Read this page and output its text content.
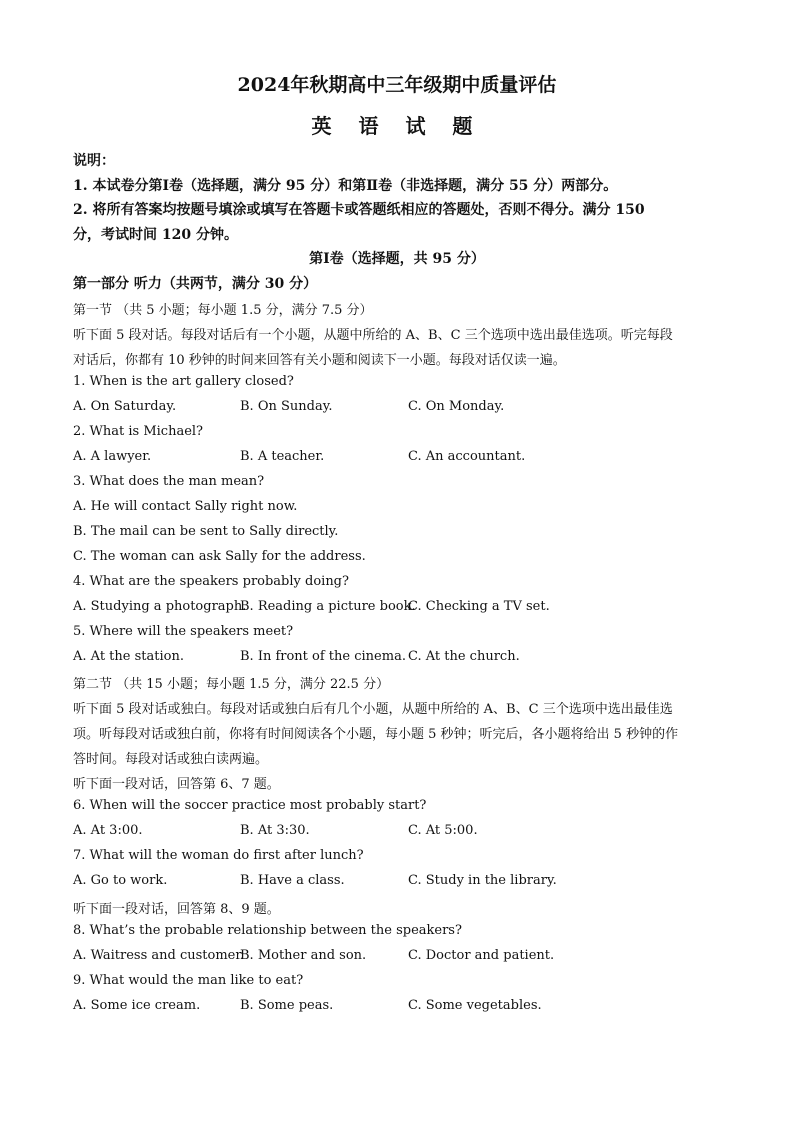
2024年秋期高中三年级期中质量评估
英 语 试 题
说明：
1. 本试卷分第Ⅰ卷（选择题，满分 95 分）和第Ⅱ卷（非选择题，满分 55 分）两部分。
2. 将所有答案均按题号填涂或填写在答题卡或答题纸相应的答题处，否则不得分。满分 150
分，考试时间 120 分钟。
第Ⅰ卷（选择题，共 95 分）
第一部分 听力（共两节，满分 30 分）
第一节 （共 5 小题；每小题 1.5 分，满分 7.5 分）
听下面 5 段对话。每段对话后有一个小题，从题中所给的 A、B、C 三个选项中选出最佳选项。听完每段
对话后，你都有 10 秒钟的时间来回答有关小题和阅读下一小题。每段对话仅读一遍。
1. When is the art gallery closed?
A. On Saturday.	B. On Sunday.	C. On Monday.
2. What is Michael?
A. A lawyer.	B. A teacher.	C. An accountant.
3. What does the man mean?
A. He will contact Sally right now.
B. The mail can be sent to Sally directly.
C. The woman can ask Sally for the address.
4. What are the speakers probably doing?
A. Studying a photograph.
B. Reading a picture book.
C. Checking a TV set.
5. Where will the speakers meet?
A. At the station.	B. In front of the cinema. C. At the church.
第二节 （共 15 小题；每小题 1.5 分，满分 22.5 分）
听下面 5 段对话或独白。每段对话或独白后有几个小题，从题中所给的 A、B、C 三个选项中选出最佳选
项。听每段对话或独白前，你将有时间阅读各个小题，每小题 5 秒钟；听完后，各小题将给出 5 秒钟的作
答时间。每段对话或独白读两遍。
听下面一段对话，回答第 6、7 题。
6. When will the soccer practice most probably start?
A. At 3:00.	B. At 3:30.	C. At 5:00.
7. What will the woman do first after lunch?
A. Go to work.	B. Have a class.	C. Study in the library.
听下面一段对话，回答第 8、9 题。
8. What’s the probable relationship between the speakers?
A. Waitress and customer.
B. Mother and son.	C. Doctor and patient.
9. What would the man like to eat?
A. Some ice cream.	B. Some peas.	C. Some vegetables.
